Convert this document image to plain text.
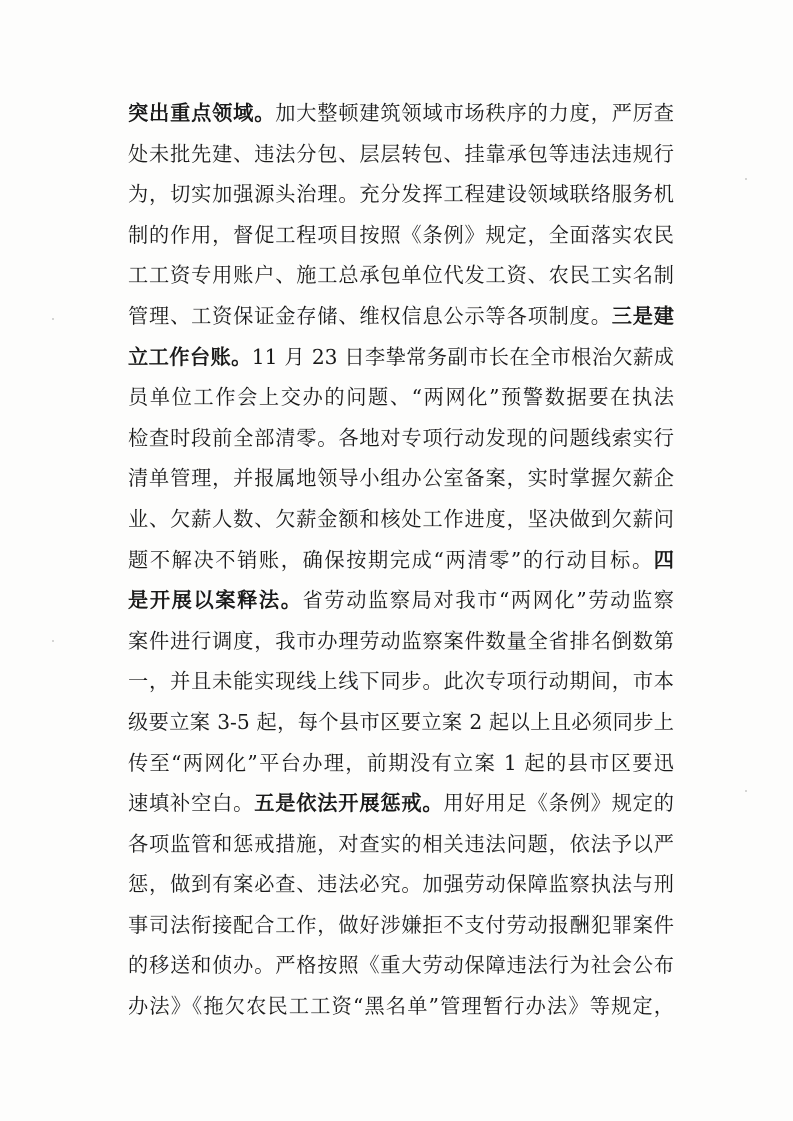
突出重点领域。加大整顿建筑领域市场秩序的力度，严厉查
处未批先建、违法分包、层层转包、挂靠承包等违法违规行
为，切实加强源头治理。充分发挥工程建设领域联络服务机
制的作用，督促工程项目按照《条例》规定，全面落实农民
工工资专用账户、施工总承包单位代发工资、农民工实名制
管理、工资保证金存储、维权信息公示等各项制度。三是建
立工作台账。11 月 23 日李挚常务副市长在全市根治欠薪成
员单位工作会上交办的问题、“两网化”预警数据要在执法
检查时段前全部清零。各地对专项行动发现的问题线索实行
清单管理，并报属地领导小组办公室备案，实时掌握欠薪企
业、欠薪人数、欠薪金额和核处工作进度，坚决做到欠薪问
题不解决不销账，确保按期完成“两清零”的行动目标。四
是开展以案释法。省劳动监察局对我市“两网化”劳动监察
案件进行调度，我市办理劳动监察案件数量全省排名倒数第
一，并且未能实现线上线下同步。此次专项行动期间，市本
级要立案 3-5 起，每个县市区要立案 2 起以上且必须同步上
传至“两网化”平台办理，前期没有立案 1 起的县市区要迅
速填补空白。五是依法开展惩戒。用好用足《条例》规定的
各项监管和惩戒措施，对查实的相关违法问题，依法予以严
惩，做到有案必查、违法必究。加强劳动保障监察执法与刑
事司法衔接配合工作，做好涉嫌拒不支付劳动报酬犯罪案件
的移送和侦办。严格按照《重大劳动保障违法行为社会公布
办法》《拖欠农民工工资“黑名单”管理暂行办法》等规定，
